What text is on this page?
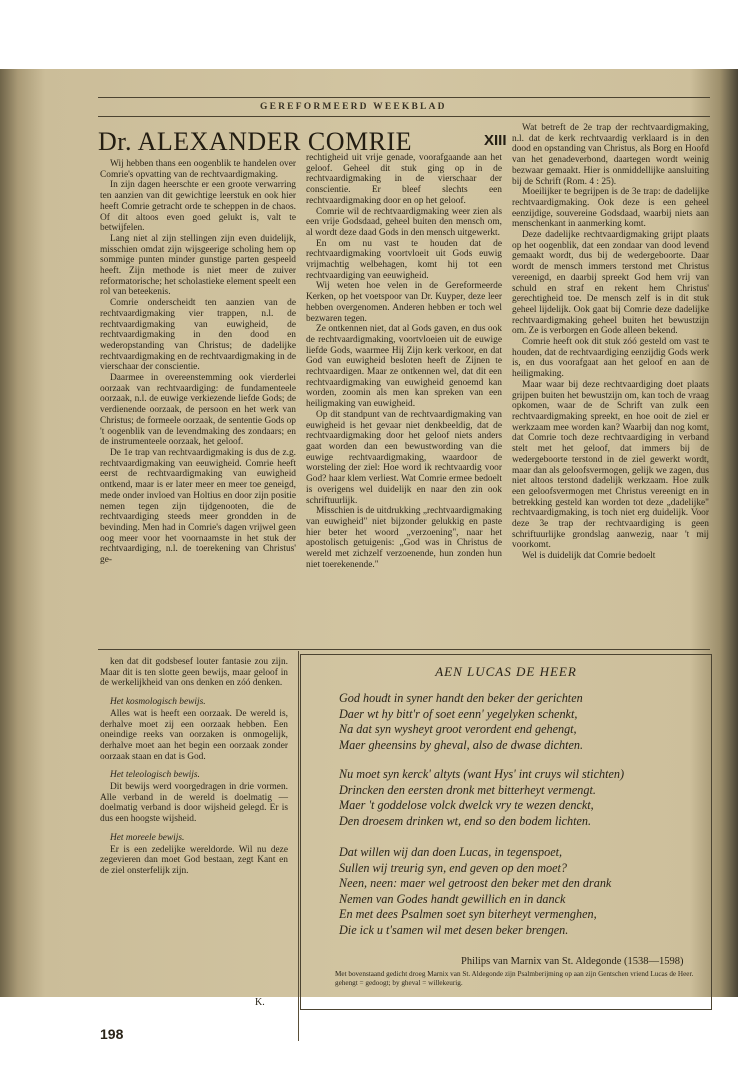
GEREFORMEERD WEEKBLAD
Dr. ALEXANDER COMRIE	XIII

Wij hebben thans een oogenblik te handelen over Comrie's opvatting van de rechtvaardigmaking.

In zijn dagen heerschte er een groote verwarring ten aanzien van dit gewichtige leerstuk en ook hier heeft Comrie getracht orde te scheppen in de chaos. Of dit altoos even goed gelukt is, valt te betwijfelen.

Lang niet al zijn stellingen zijn even duidelijk, misschien omdat zijn wijsgeerige scholing hem op sommige punten minder gunstige parten gespeeld heeft. Zijn methode is niet meer de zuiver reformatorische; het scholastieke element speelt een rol van beteekenis.

Comrie onderscheidt ten aanzien van de rechtvaardigmaking vier trappen, n.l. de rechtvaardigmaking van euwigheid, de rechtvaardigmaking in den dood en wederopstanding van Christus; de dadelijke rechtvaardigmaking en de rechtvaardigmaking in de vierschaar der conscientie.

Daarmee in overeenstemming ook vierderlei oorzaak van rechtvaardiging: de fundamenteele oorzaak, n.l. de euwige verkiezende liefde Gods; de verdienende oorzaak, de persoon en het werk van Christus; de formeele oorzaak, de sententie Gods op 't oogenblik van de levendmaking des zondaars; en de instrumenteele oorzaak, het geloof.

De 1e trap van rechtvaardigmaking is dus de z.g. rechtvaardigmaking van eeuwigheid. Comrie heeft eerst de rechtvaardigmaking van euwigheid ontkend, maar is er later meer en meer toe geneigd, mede onder invloed van Holtius en door zijn positie nemen tegen zijn tijdgenooten, die de rechtvaardiging steeds meer grondden in de bevinding. Men had in Comrie's dagen vrijwel geen oog meer voor het voornaamste in het stuk der rechtvaardiging, n.l. de toerekening van Christus' ge-

rechtigheid uit vrije genade, voorafgaande aan het geloof. Geheel dit stuk ging op in de rechtvaardigmaking in de vierschaar der conscientie. Er bleef slechts een rechtvaardigmaking door en op het geloof.

Comrie wil de rechtvaardigmaking weer zien als een vrije Godsdaad, geheel buiten den mensch om, al wordt deze daad Gods in den mensch uitgewerkt.

En om nu vast te houden dat de rechtvaardigmaking voortvloeit uit Gods euwig vrijmachtig welbehagen, komt hij tot een rechtvaardiging van eeuwigheid.

Wij weten hoe velen in de Gereformeerde Kerken, op het voetspoor van Dr. Kuyper, deze leer hebben overgenomen. Anderen hebben er toch wel bezwaren tegen.

Ze ontkennen niet, dat al Gods gaven, en dus ook de rechtvaardigmaking, voortvloeien uit de euwige liefde Gods, waarmee Hij Zijn kerk verkoor, en dat God van euwigheid besloten heeft de Zijnen te rechtvaardigen. Maar ze ontkennen wel, dat dit een rechtvaardigmaking van euwigheid genoemd kan worden, zoomin als men kan spreken van een heiligmaking van euwigheid.

Op dit standpunt van de rechtvaardigmaking van euwigheid is het gevaar niet denkbeeldig, dat de rechtvaardigmaking door het geloof niets anders gaat worden dan een bewustwording van die euwige rechtvaardigmaking, waardoor de worsteling der ziel: Hoe word ik rechtvaardig voor God? haar klem verliest. Wat Comrie ermee bedoelt is overigens wel duidelijk en naar den zin ook schriftuurlijk.

Misschien is de uitdrukking „rechtvaardigmaking van euwigheid" niet bijzonder gelukkig en paste hier beter het woord „verzoening", naar het apostolisch getuigenis: „God was in Christus de wereld met zichzelf verzoenende, hun zonden hun niet toerekenende."

Wat betreft de 2e trap der rechtvaardigmaking, n.l. dat de kerk rechtvaardig verklaard is in den dood en opstanding van Christus, als Borg en Hoofd van het genadeverbond, daartegen wordt weinig bezwaar gemaakt. Hier is onmiddellijke aansluiting bij de Schrift (Rom. 4 : 25).

Moeilijker te begrijpen is de 3e trap: de dadelijke rechtvaardigmaking. Ook deze is een geheel eenzijdige, souvereine Godsdaad, waarbij niets aan menschenkant in aanmerking komt.

Deze dadelijke rechtvaardigmaking grijpt plaats op het oogenblik, dat een zondaar van dood levend gemaakt wordt, dus bij de wedergeboorte. Daar wordt de mensch immers terstond met Christus vereenigd, en daarbij spreekt God hem vrij van schuld en straf en rekent hem Christus' gerechtigheid toe. De mensch zelf is in dit stuk geheel lijdelijk. Ook gaat bij Comrie deze dadelijke rechtvaardigmaking geheel buiten het bewustzijn om. Ze is verborgen en Gode alleen bekend.

Comrie heeft ook dit stuk zóó gesteld om vast te houden, dat de rechtvaardiging eenzijdig Gods werk is, en dus voorafgaat aan het geloof en aan de heiligmaking.

Maar waar bij deze rechtvaardiging doet plaats grijpen buiten het bewustzijn om, kan toch de vraag opkomen, waar de de Schrift van zulk een rechtvaardigmaking spreekt, en hoe ooit de ziel er werkzaam mee worden kan? Waarbij dan nog komt, dat Comrie toch deze rechtvaardiging in verband stelt met het geloof, dat immers bij de wedergeboorte terstond in de ziel gewerkt wordt, maar dan als geloofsvermogen, gelijk we zagen, dus niet altoos terstond dadelijk werkzaam. Hoe zulk een geloofsvermogen met Christus vereenigt en in betrekking gesteld kan worden tot deze „dadelijke" rechtvaardigmaking, is toch niet erg duidelijk. Voor deze 3e trap der rechtvaardiging is geen schriftuurlijke grondslag aanwezig, naar 't mij voorkomt.

Wel is duidelijk dat Comrie bedoelt

ken dat dit godsbesef louter fantasie zou zijn. Maar dit is ten slotte geen bewijs, maar geloof in de werkelijkheid van ons denken en zóó denken.

Het kosmologisch bewijs.

Alles wat is heeft een oorzaak. De wereld is, derhalve moet zij een oorzaak hebben. Een oneindige reeks van oorzaken is onmogelijk, derhalve moet aan het begin een oorzaak zonder oorzaak staan en dat is God.

Het teleologisch bewijs.

Dit bewijs werd voorgedragen in drie vormen. Alle verband in de wereld is doelmatig — doelmatig verband is door wijsheid gelegd. Er is dus een hoogste wijsheid.

Het moreele bewijs.

Er is een zedelijke wereldorde. Wil nu deze zegevieren dan moet God bestaan, zegt Kant en de ziel onsterfelijk zijn.

K.
AEN LUCAS DE HEER
God houdt in syner handt den beker der gerichten
Daer wt hy bitt'r of soet eenn' yegelyken schenkt,
Na dat syn wysheyt groot verordent end gehengt,
Maer gheensins by gheval, also de dwase dichten.
Nu moet syn kerck' altyts (want Hys' int cruys wil stichten)
Drincken den eersten dronk met bitterheyt vermengt.
Maer 't goddelose volck dwelck vry te wezen denckt,
Den droesem drinken wt, end so den bodem lichten.
Dat willen wij dan doen Lucas, in tegenspoet,
Sullen wij treurig syn, end geven op den moet?
Neen, neen: maer wel getroost den beker met den drank
Nemen van Godes handt gewillich en in danck
En met dees Psalmen soet syn biterheyt vermenghen,
Die ick u t'samen wil met desen beker brengen.
Philips van Marnix van St. Aldegonde (1538—1598)
Met bovenstaand gedicht droeg Marnix van St. Aldegonde zijn Psalmberijming op aan zijn Gentschen vriend Lucas de Heer.
gehengt = gedoogt; by gheval = willekeurig.
198
